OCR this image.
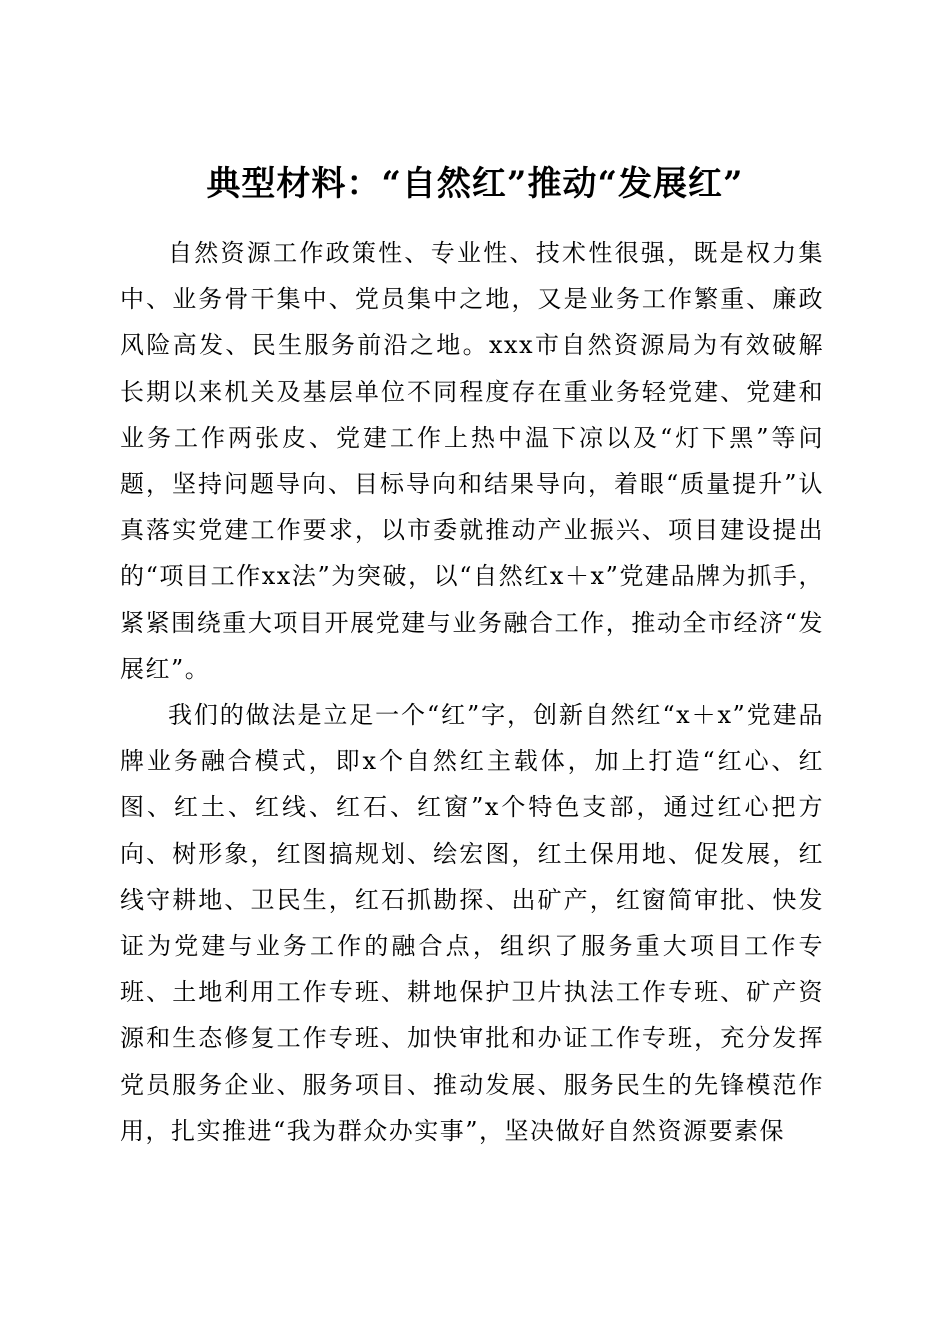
典型材料：“自然红”推动“发展红”

自然资源工作政策性、专业性、技术性很强，既是权力集中、业务骨干集中、党员集中之地，又是业务工作繁重、廉政风险高发、民生服务前沿之地。xxx市自然资源局为有效破解长期以来机关及基层单位不同程度存在重业务轻党建、党建和业务工作两张皮、党建工作上热中温下凉以及“灯下黑”等问题，坚持问题导向、目标导向和结果导向，着眼“质量提升”认真落实党建工作要求，以市委就推动产业振兴、项目建设提出的“项目工作xx法”为突破，以“自然红x＋x”党建品牌为抓手，紧紧围绕重大项目开展党建与业务融合工作，推动全市经济“发展红”。

我们的做法是立足一个“红”字，创新自然红“x＋x”党建品牌业务融合模式，即x个自然红主载体，加上打造“红心、红图、红土、红线、红石、红窗”x个特色支部，通过红心把方向、树形象，红图搞规划、绘宏图，红土保用地、促发展，红线守耕地、卫民生，红石抓勘探、出矿产，红窗简审批、快发证为党建与业务工作的融合点，组织了服务重大项目工作专班、土地利用工作专班、耕地保护卫片执法工作专班、矿产资源和生态修复工作专班、加快审批和办证工作专班，充分发挥党员服务企业、服务项目、推动发展、服务民生的先锋模范作用，扎实推进“我为群众办实事”，坚决做好自然资源要素保
